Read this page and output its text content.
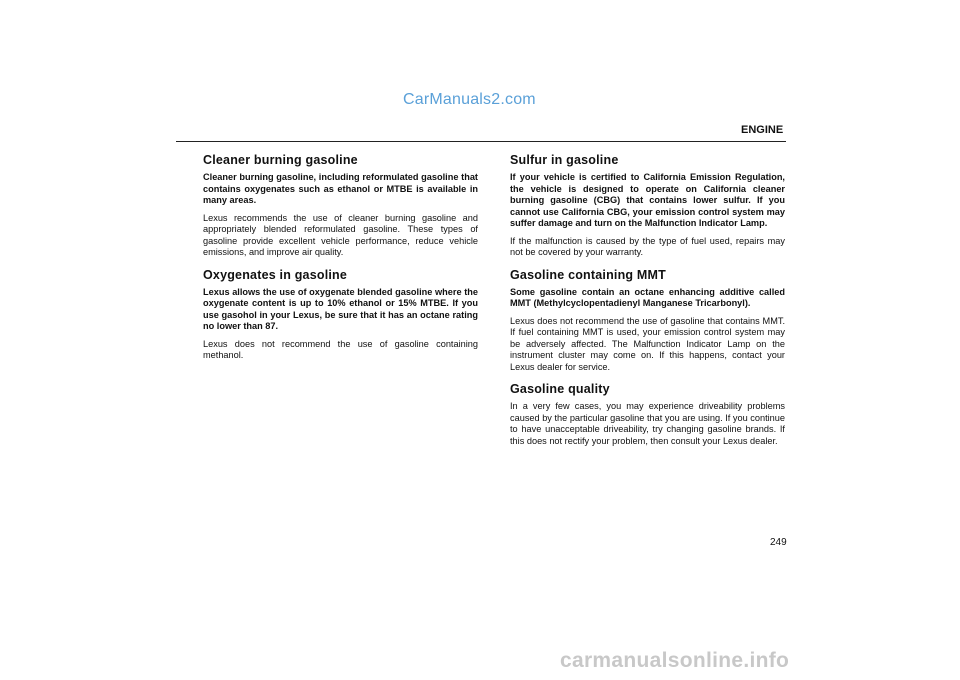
CarManuals2.com
ENGINE
Cleaner burning gasoline

Cleaner burning gasoline, including reformulated gasoline that contains oxygenates such as ethanol or MTBE is available in many areas.

Lexus recommends the use of cleaner burning gasoline and appropriately blended reformulated gasoline. These types of gasoline provide excellent vehicle performance, reduce vehicle emissions, and improve air quality.

Oxygenates in gasoline

Lexus allows the use of oxygenate blended gasoline where the oxygenate content is up to 10% ethanol or 15% MTBE. If you use gasohol in your Lexus, be sure that it has an octane rating no lower than 87.

Lexus does not recommend the use of gasoline containing methanol.

Sulfur in gasoline

If your vehicle is certified to California Emission Regulation, the vehicle is designed to operate on California cleaner burning gasoline (CBG) that contains lower sulfur. If you cannot use California CBG, your emission control system may suffer damage and turn on the Malfunction Indicator Lamp.

If the malfunction is caused by the type of fuel used, repairs may not be covered by your warranty.

Gasoline containing MMT

Some gasoline contain an octane enhancing additive called MMT (Methylcyclopentadienyl Manganese Tricarbonyl).

Lexus does not recommend the use of gasoline that contains MMT. If fuel containing MMT is used, your emission control system may be adversely affected. The Malfunction Indicator Lamp on the instrument cluster may come on. If this happens, contact your Lexus dealer for service.

Gasoline quality

In a very few cases, you may experience driveability problems caused by the particular gasoline that you are using. If you continue to have unacceptable driveability, try changing gasoline brands. If this does not rectify your problem, then consult your Lexus dealer.

249
carmanualsonline.info
